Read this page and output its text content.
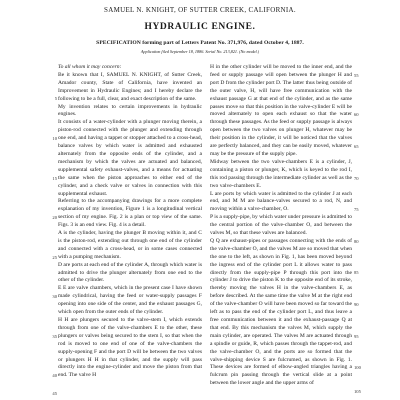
SAMUEL N. KNIGHT, OF SUTTER CREEK, CALIFORNIA.
HYDRAULIC ENGINE.
SPECIFICATION forming part of Letters Patent No. 371,976, dated October 4, 1887.
Application filed September 18, 1886. Serial No. 213,821. (No model.)
5
10
15
20
25
30
35
40
45

To all whom it may concern:

Be it known that I, SAMUEL N. KNIGHT, of Sutter Creek, Amador county, State of California, have invented an Improvement in Hydraulic Engines; and I hereby declare the following to be a full, clear, and exact description of the same.

My invention relates to certain improvements in hydraulic engines.

It consists of a water-cylinder with a plunger moving therein, a piston-rod connected with the plunger and extending through one end, and having a tappet or stopper attached to a cross-head, balance valves by which water is admitted and exhausted alternately from the opposite ends of the cylinder, and a mechanism by which the valves are actuated and balanced, supplemental safety exhaust-valves, and a means for actuating the same when the piston approaches to either end of the cylinder, and a check valve or valves in connection with this supplemental exhaust.

Referring to the accompanying drawings for a more complete explanation of my invention, Figure 1 is a longitudinal vertical section of my engine. Fig. 2 is a plan or top view of the same. Figs. 3 is an end view. Fig. 4 is a detail.

A is the cylinder, having the plunger B moving within it, and C is the piston-rod, extending out through one end of the cylinder and connected with a cross-head, or in some cases connected with a pumping mechanism.

D are ports at each end of the cylinder A, through which water is admitted to drive the plunger alternately from one end to the other of the cylinder.

E E are valve chambers, which in the present case I have shown made cylindrical, having the feed or water-supply passages F opening into one side of the center, and the exhaust passages G, which open from the outer ends of the cylinder.

H H are plungers secured to the valve-stem I, which extends through from one of the valve-chambers E to the other, these plungers or valves being secured to the stem I, so that when the rod is moved to one end of one of the valve-chambers the supply-opening F and the port D will be between the two valves or plungers H H in that cylinder, and the supply will pass directly into the engine-cylinder and move the piston from that end. The valve H

H in the other cylinder will be moved to the inner end, and the feed or supply passage will open between the plunger H and port D from the cylinder port D. The latter thus being outside of the outer valve, H, will have free communication with the exhaust passage G at that end of the cylinder, and as the same passes move so that this position in the valve-cylinder E will be moved alternately to open each exhaust so that the water through these passages. As the feed or supply passage is always open between the two valves on plunger H, whatever may be their position in the cylinder, it will be noticed that the valves are perfectly balanced, and they can be easily moved, whatever may be the pressure of the supply pipe.

Midway between the two valve-chambers E is a cylinder, J, containing a piston or plunger, K, which is keyed to the rod I, this rod passing through the intermediate cylinder as well as the two valve-chambers E.

L are ports by which water is admitted to the cylinder J at each end, and M M are balance-valves secured to a rod, N, and moving within a valve-chamber, O.

P is a supply-pipe, by which water under pressure is admitted to the central portion of the valve-chamber O, and between the valves M, so that these valves are balanced.

Q Q are exhaust-pipes or passages connecting with the ends of the valve-chamber O, and the valves M are so moved that when the one to the left, as shown in Fig. 1, has been moved beyond the ingress end of the cylinder port L it allows water to pass directly from the supply-pipe P through this port into the cylinder J to drive the piston K to the opposite end of its stroke, thereby moving the valves H in the valve-chambers E, as before described. At the same time the valve M at the right end of the valve-chamber O will have been moved so far toward the left as to pass the end of the cylinder port L, and thus leave a free communication between it and the exhaust-passage Q at that end. By this mechanism the valves M, which supply the main cylinder, are operated. The valves M are actuated through a spindle or guide, R, which passes through the tappet-rod, and the valve-chamber O, and the ports are so formed that the valve-shipping device S are fulcrumed, as shown in Fig. 1. These devices are formed of elbow-angled triangles having a fulcrum pin passing through the vertical slide at a point between the lower angle and the upper arms of

55
60
65
70
75
80
85
90
95
100
105
